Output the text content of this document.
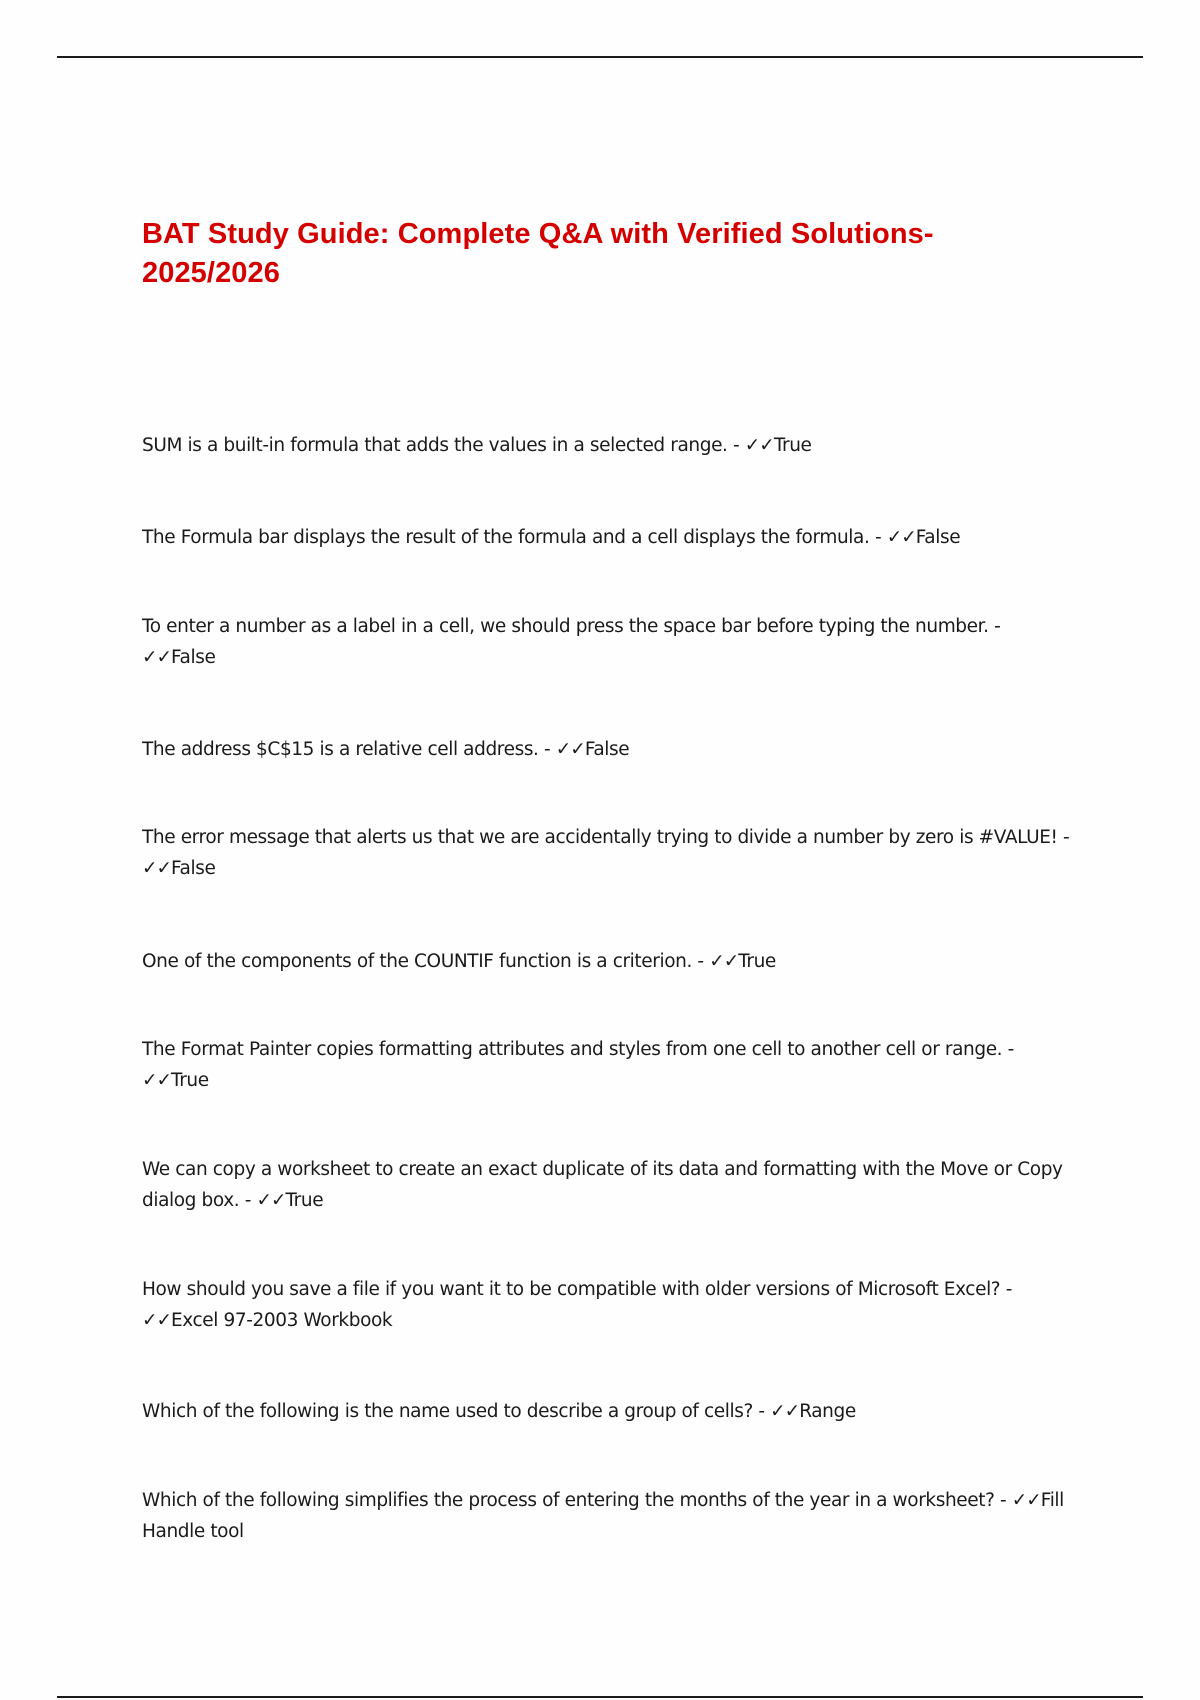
BAT Study Guide: Complete Q&A with Verified Solutions- 2025/2026
SUM is a built-in formula that adds the values in a selected range. - ✓✓True
The Formula bar displays the result of the formula and a cell displays the formula. - ✓✓False
To enter a number as a label in a cell, we should press the space bar before typing the number. - ✓✓False
The address $C$15 is a relative cell address. - ✓✓False
The error message that alerts us that we are accidentally trying to divide a number by zero is #VALUE! - ✓✓False
One of the components of the COUNTIF function is a criterion. - ✓✓True
The Format Painter copies formatting attributes and styles from one cell to another cell or range. - ✓✓True
We can copy a worksheet to create an exact duplicate of its data and formatting with the Move or Copy dialog box. - ✓✓True
How should you save a file if you want it to be compatible with older versions of Microsoft Excel? - ✓✓Excel 97-2003 Workbook
Which of the following is the name used to describe a group of cells? - ✓✓Range
Which of the following simplifies the process of entering the months of the year in a worksheet? - ✓✓Fill Handle tool
